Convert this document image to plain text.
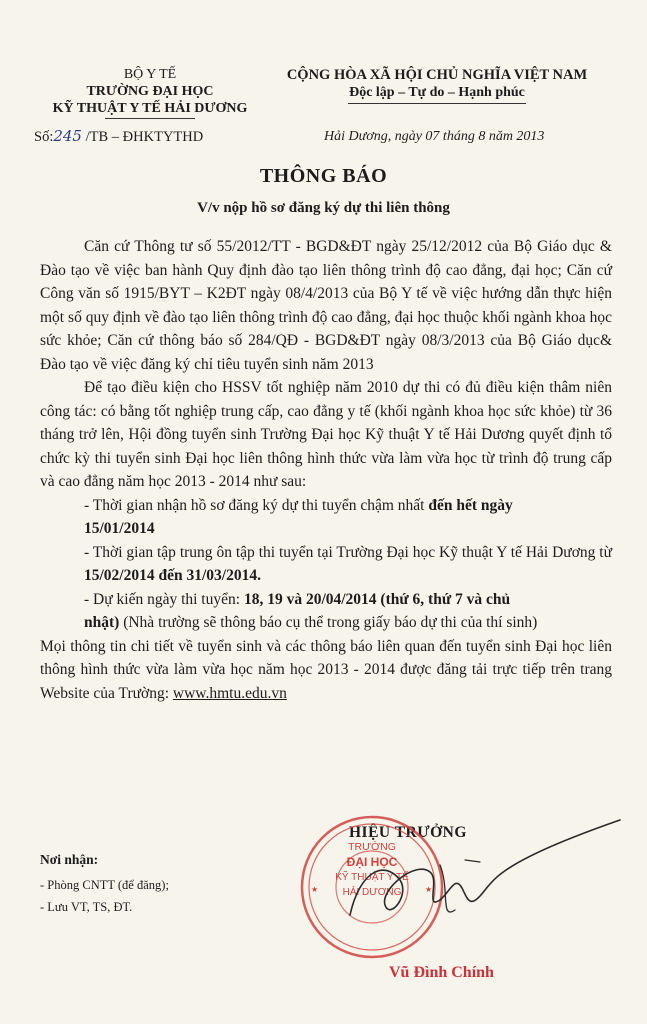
BỘ Y TẾ
TRƯỜNG ĐẠI HỌC
KỸ THUẬT Y TẾ HẢI DƯƠNG
CỘNG HÒA XÃ HỘI CHỦ NGHĨA VIỆT NAM
Độc lập – Tự do – Hạnh phúc
Số:245 /TB – ĐHKTYTHD	Hải Dương, ngày 07 tháng 8 năm 2013
THÔNG BÁO
V/v nộp hồ sơ đăng ký dự thi liên thông

Căn cứ Thông tư số 55/2012/TT - BGD&ĐT ngày 25/12/2012 của Bộ Giáo dục & Đào tạo về việc ban hành Quy định đào tạo liên thông trình độ cao đẳng, đại học; Căn cứ Công văn số 1915/BYT – K2ĐT ngày 08/4/2013 của Bộ Y tế về việc hướng dẫn thực hiện một số quy định về đào tạo liên thông trình độ cao đẳng, đại học thuộc khối ngành khoa học sức khỏe; Căn cứ thông báo số 284/QĐ - BGD&ĐT ngày 08/3/2013 của Bộ Giáo dục& Đào tạo về việc đăng ký chỉ tiêu tuyển sinh năm 2013

Để tạo điều kiện cho HSSV tốt nghiệp năm 2010 dự thi có đủ điều kiện thâm niên công tác: có bằng tốt nghiệp trung cấp, cao đẳng y tế (khối ngành khoa học sức khỏe) từ 36 tháng trở lên, Hội đồng tuyển sinh Trường Đại học Kỹ thuật Y tế Hải Dương quyết định tổ chức kỳ thi tuyển sinh Đại học liên thông hình thức vừa làm vừa học từ trình độ trung cấp và cao đẳng năm học 2013 - 2014 như sau:

- Thời gian nhận hồ sơ đăng ký dự thi tuyển chậm nhất đến hết ngày
15/01/2014

- Thời gian tập trung ôn tập thi tuyển tại Trường Đại học Kỹ thuật Y tế Hải Dương từ 15/02/2014 đến 31/03/2014.

- Dự kiến ngày thi tuyển: 18, 19 và 20/04/2014 (thứ 6, thứ 7 và chủ
nhật) (Nhà trường sẽ thông báo cụ thể trong giấy báo dự thi của thí sinh)

Mọi thông tin chi tiết về tuyển sinh và các thông báo liên quan đến tuyển sinh Đại học liên thông hình thức vừa làm vừa học năm học 2013 - 2014 được đăng tải trực tiếp trên trang Website của Trường: www.hmtu.edu.vn

Nơi nhận:
- Phòng CNTT (để đăng);
- Lưu VT, TS, ĐT.
HIỆU TRƯỞNG
★	★
TRƯỜNG
ĐẠI HỌC
KỸ THUẬT Y TẾ
HẢI DƯƠNG
Vũ Đình Chính
